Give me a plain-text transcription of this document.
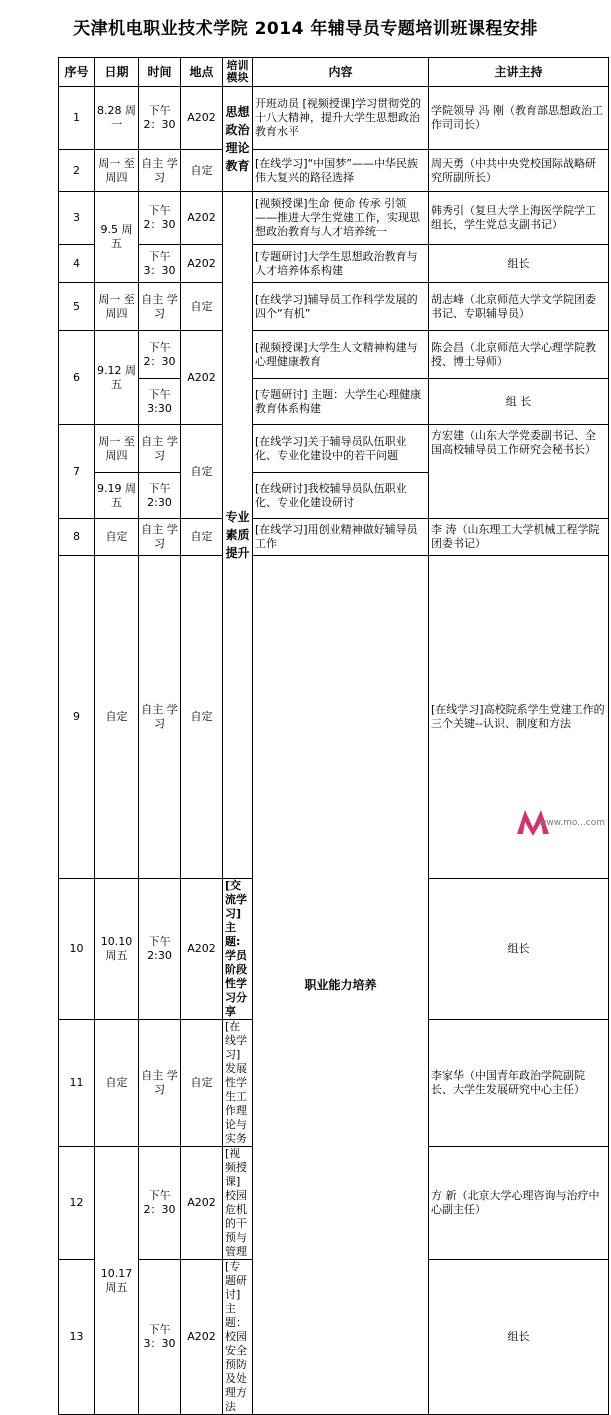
天津机电职业技术学院 2014 年辅导员专题培训班课程安排
序号	日期	时间	地点	培训模块	内容	主讲主持	
1	8.28 周一	下午 2：30	A202	思想政治理论教育	开班动员 [视频授课]学习贯彻党的十八大精神，提升大学生思想政治教育水平	学院领导 冯 刚（教育部思想政治工作司司长）	
2	周一 至周四	自主 学习	自定		[在线学习]“中国梦”——中华民族伟大复兴的路径选择	周天勇（中共中央党校国际战略研究所副所长）	
3	9.5 周五	下午 2：30	A202	专业素质提升	[视频授课]生命 使命 传承 引领——推进大学生党建工作，实现思想政治教育与人才培养统一	韩秀引（复旦大学上海医学院学工组长，学生党总支副书记）	
4		下午 3：30	A202		[专题研讨]大学生思想政治教育与人才培养体系构建	组长	
5	周一 至周四	自主 学习	自定		[在线学习]辅导员工作科学发展的四个“有机”	胡志峰（北京师范大学文学院团委书记、专职辅导员）	
6	9.12 周五	下午 2：30	A202		[视频授课]大学生人文精神构建与心理健康教育	陈会昌（北京师范大学心理学院教授、博士导师）	
		下午 3:30			[专题研讨] 主题：大学生心理健康教育体系构建	组 长	
7	周一 至周四	自主 学习	自定		[在线学习]关于辅导员队伍职业化、专业化建设中的若干问题	方宏建（山东大学党委副书记、全国高校辅导员工作研究会秘书长）	
	9.19 周五	下午 2:30			[在线研讨]我校辅导员队伍职业化、专业化建设研讨		
8	自定	自主 学习	自定		[在线学习]用创业精神做好辅导员工作	李 涛（山东理工大学机械工程学院团委书记）	
9	自定	自主 学习	自定		职业能力培养	[在线学习]高校院系学生党建工作的三个关键--认识、制度和方法	
10	10.10 周五	下午 2:30	A202	[交流学习] 主题:学员阶段性学习分享		组长	
11	自定	自主 学习	自定	[在线学习]发展性学生工作理论与实务		李家华（中国青年政治学院副院长、大学生发展研究中心主任）	
12	10.17 周五	下午 2：30	A202	[视频授课]校园危机的干预与管理		方 新（北京大学心理咨询与治疗中心副主任）	
13		下午 3：30	A202	[专题研讨] 主题：校园安全预防及处理方法		组长	
www.mo...com
